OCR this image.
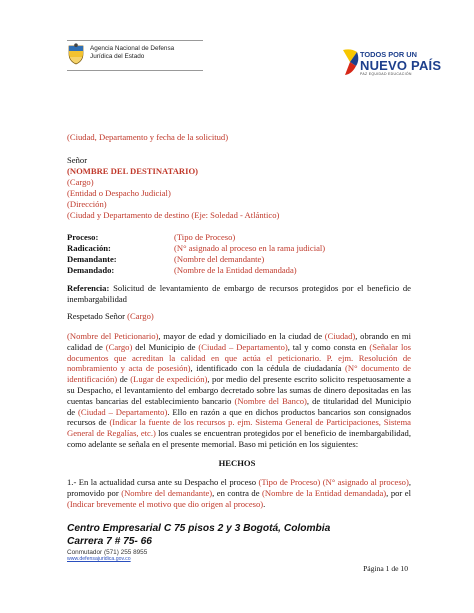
Agencia Nacional de Defensa
Jurídica del Estado	TODOS POR UN
NUEVO PAÍS
PAZ EQUIDAD EDUCACIÓN
(Ciudad, Departamento y fecha de la solicitud)
Señor
(NOMBRE DEL DESTINATARIO)
(Cargo)
(Entidad o Despacho Judicial)
(Dirección)
(Ciudad y Departamento de destino (Eje: Soledad - Atlántico)
Proceso:	(Tipo de Proceso)
Radicación:	(N° asignado al proceso en la rama judicial)
Demandante:	(Nombre del demandante)
Demandado:	(Nombre de la Entidad demandada)
Referencia: Solicitud de levantamiento de embargo de recursos protegidos por el beneficio de inembargabilidad
Respetado Señor (Cargo)
(Nombre del Peticionario), mayor de edad y domiciliado en la ciudad de (Ciudad), obrando en mi calidad de (Cargo) del Municipio de (Ciudad – Departamento), tal y como consta en (Señalar los documentos que acreditan la calidad en que actúa el peticionario. P. ejm. Resolución de nombramiento y acta de posesión), identificado con la cédula de ciudadanía (N° documento de identificación) de (Lugar de expedición), por medio del presente escrito solicito respetuosamente a su Despacho, el levantamiento del embargo decretado sobre las sumas de dinero depositadas en las cuentas bancarias del establecimiento bancario (Nombre del Banco), de titularidad del Municipio de (Ciudad – Departamento). Ello en razón a que en dichos productos bancarios son consignados recursos de (Indicar la fuente de los recursos p. ejm. Sistema General de Participaciones, Sistema General de Regalías, etc.) los cuales se encuentran protegidos por el beneficio de inembargabilidad, como adelante se señala en el presente memorial. Baso mi petición en los siguientes:
HECHOS
1.- En la actualidad cursa ante su Despacho el proceso (Tipo de Proceso) (N° asignado al proceso), promovido por (Nombre del demandante), en contra de (Nombre de la Entidad demandada), por el (Indicar brevemente el motivo que dio origen al proceso).
Centro Empresarial C 75 pisos 2 y 3 Bogotá, Colombia
Carrera 7 # 75- 66
Conmutador (571) 255 8955
www.defensajuridica.gov.co
Página 1 de 10
